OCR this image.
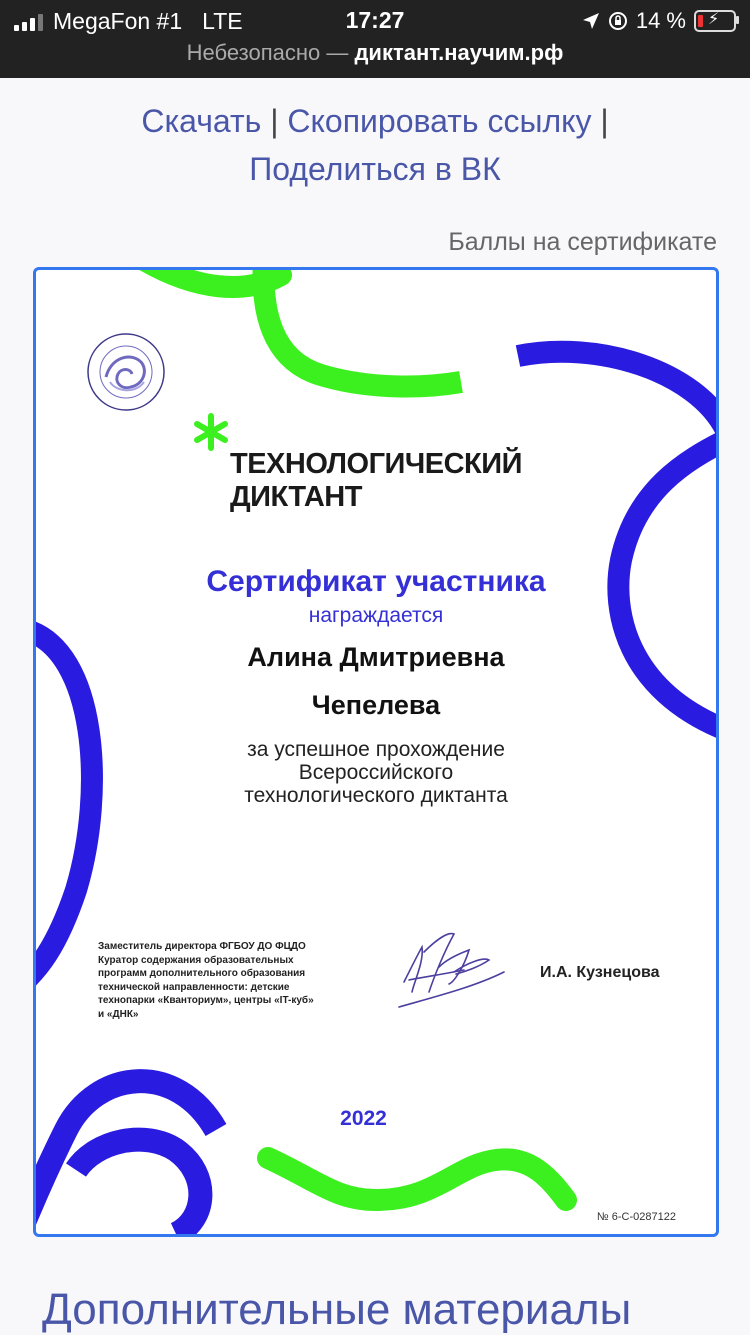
MegaFon #1 LTE	17:27	14 % ⚡
Небезопасно — диктант.научим.рф
Скачать | Скопировать ссылку |
Поделиться в ВК
Баллы на сертификате
ТЕХНОЛОГИЧЕСКИЙ
ДИКТАНТ
Сертификат участника
награждается
Алина Дмитриевна
Чепелева
за успешное прохождение
Всероссийского
технологического диктанта
Заместитель директора ФГБОУ ДО ФЦДО
Куратор содержания образовательных
программ дополнительного образования
технической направленности: детские
технопарки «Кванториум», центры «IT-куб»
и «ДНК»
И.А. Кузнецова
2022
№ 6-С-0287122
Дополнительные материалы
